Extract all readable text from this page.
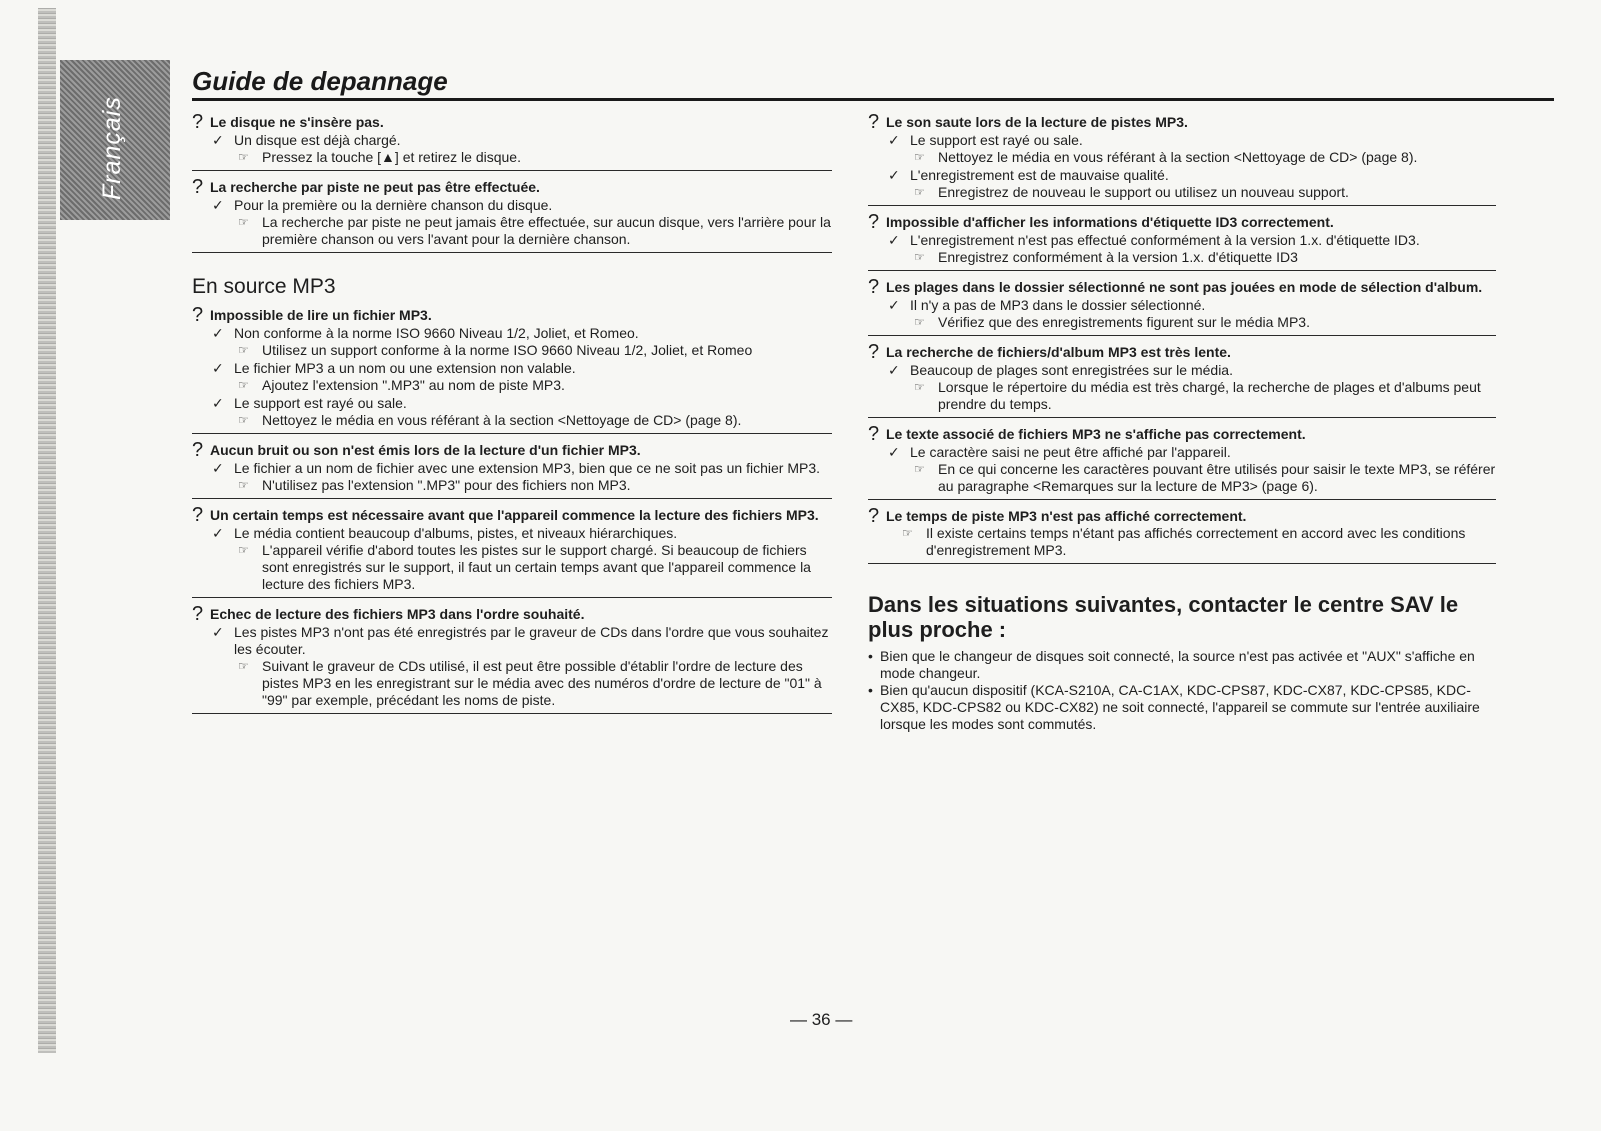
Français
Guide de depannage
? Le disque ne s'insère pas.
✓ Un disque est déjà chargé.
☞ Pressez la touche [▲] et retirez le disque.
? La recherche par piste ne peut pas être effectuée.
✓ Pour la première ou la dernière chanson du disque.
☞ La recherche par piste ne peut jamais être effectuée, sur aucun disque, vers l'arrière pour la première chanson ou vers l'avant pour la dernière chanson.
En source MP3
? Impossible de lire un fichier MP3.
✓ Non conforme à la norme ISO 9660 Niveau 1/2, Joliet, et Romeo.
☞ Utilisez un support conforme à la norme ISO 9660 Niveau 1/2, Joliet, et Romeo
✓ Le fichier MP3 a un nom ou une extension non valable.
☞ Ajoutez l'extension ".MP3" au nom de piste MP3.
✓ Le support est rayé ou sale.
☞ Nettoyez le média en vous référant à la section <Nettoyage de CD> (page 8).
? Aucun bruit ou son n'est émis lors de la lecture d'un fichier MP3.
✓ Le fichier a un nom de fichier avec une extension MP3, bien que ce ne soit pas un fichier MP3.
☞ N'utilisez pas l'extension ".MP3" pour des fichiers non MP3.
? Un certain temps est nécessaire avant que l'appareil commence la lecture des fichiers MP3.
✓ Le média contient beaucoup d'albums, pistes, et niveaux hiérarchiques.
☞ L'appareil vérifie d'abord toutes les pistes sur le support chargé. Si beaucoup de fichiers sont enregistrés sur le support, il faut un certain temps avant que l'appareil commence la lecture des fichiers MP3.
? Echec de lecture des fichiers MP3 dans l'ordre souhaité.
✓ Les pistes MP3 n'ont pas été enregistrés par le graveur de CDs dans l'ordre que vous souhaitez les écouter.
☞ Suivant le graveur de CDs utilisé, il est peut être possible d'établir l'ordre de lecture des pistes MP3 en les enregistrant sur le média avec des numéros d'ordre de lecture de "01" à "99" par exemple, précédant les noms de piste.
? Le son saute lors de la lecture de pistes MP3.
✓ Le support est rayé ou sale.
☞ Nettoyez le média en vous référant à la section <Nettoyage de CD> (page 8).
✓ L'enregistrement est de mauvaise qualité.
☞ Enregistrez de nouveau le support ou utilisez un nouveau support.
? Impossible d'afficher les informations d'étiquette ID3 correctement.
✓ L'enregistrement n'est pas effectué conformément à la version 1.x. d'étiquette ID3.
☞ Enregistrez conformément à la version 1.x. d'étiquette ID3
? Les plages dans le dossier sélectionné ne sont pas jouées en mode de sélection d'album.
✓ Il n'y a pas de MP3 dans le dossier sélectionné.
☞ Vérifiez que des enregistrements figurent sur le média MP3.
? La recherche de fichiers/d'album MP3 est très lente.
✓ Beaucoup de plages sont enregistrées sur le média.
☞ Lorsque le répertoire du média est très chargé, la recherche de plages et d'albums peut prendre du temps.
? Le texte associé de fichiers MP3 ne s'affiche pas correctement.
✓ Le caractère saisi ne peut être affiché par l'appareil.
☞ En ce qui concerne les caractères pouvant être utilisés pour saisir le texte MP3, se référer au paragraphe <Remarques sur la lecture de MP3> (page 6).
? Le temps de piste MP3 n'est pas affiché correctement.
☞ Il existe certains temps n'étant pas affichés correctement en accord avec les conditions d'enregistrement MP3.
Dans les situations suivantes, contacter le centre SAV le plus proche :
• Bien que le changeur de disques soit connecté, la source n'est pas activée et "AUX" s'affiche en mode changeur.
• Bien qu'aucun dispositif (KCA-S210A, CA-C1AX, KDC-CPS87, KDC-CX87, KDC-CPS85, KDC-CX85, KDC-CPS82 ou KDC-CX82) ne soit connecté, l'appareil se commute sur l'entrée auxiliaire lorsque les modes sont commutés.
— 36 —
